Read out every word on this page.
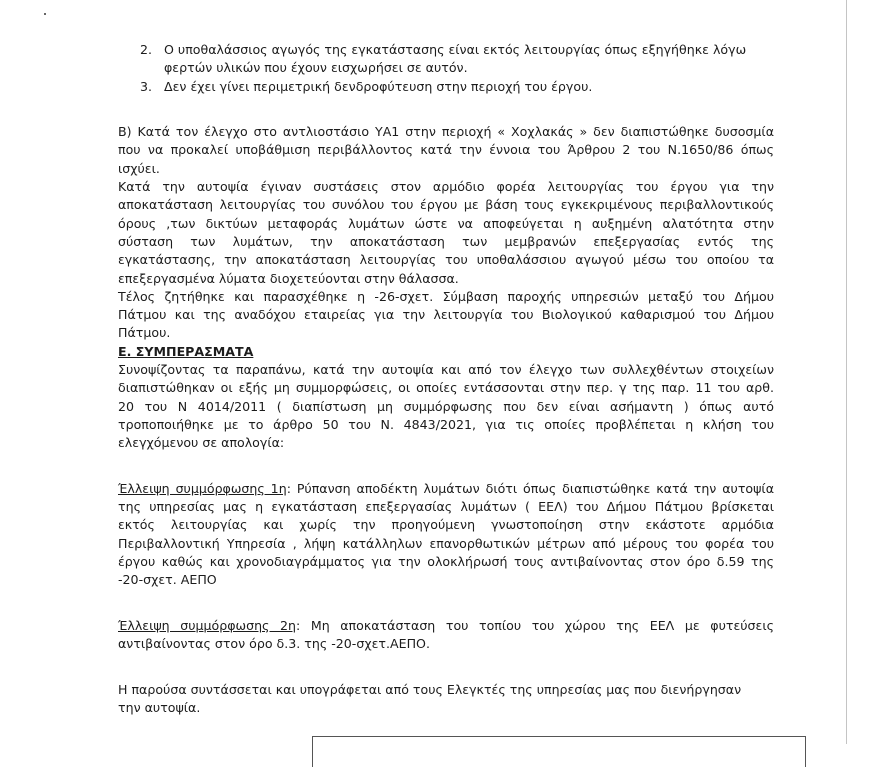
2. Ο υποθαλάσσιος αγωγός της εγκατάστασης είναι εκτός λειτουργίας όπως εξηγήθηκε λόγω
φερτών υλικών που έχουν εισχωρήσει σε αυτόν.
3. Δεν έχει γίνει περιμετρική δενδροφύτευση στην περιοχή του έργου.
Β) Κατά τον έλεγχο στο αντλιοστάσιο ΥΑ1 στην περιοχή « Χοχλακάς » δεν διαπιστώθηκε δυσοσμία
που να προκαλεί υποβάθμιση περιβάλλοντος κατά την έννοια του Άρθρου 2 του Ν.1650/86 όπως
ισχύει.
Κατά την αυτοψία έγιναν συστάσεις στον αρμόδιο φορέα λειτουργίας του έργου για την
αποκατάσταση λειτουργίας του συνόλου του έργου με βάση τους εγκεκριμένους περιβαλλοντικούς
όρους ,των δικτύων μεταφοράς λυμάτων ώστε να αποφεύγεται η αυξημένη αλατότητα στην
σύσταση των λυμάτων, την αποκατάσταση των μεμβρανών επεξεργασίας εντός της
εγκατάστασης, την αποκατάσταση λειτουργίας του υποθαλάσσιου αγωγού μέσω του οποίου τα
επεξεργασμένα λύματα διοχετεύονται στην θάλασσα.
Τέλος ζητήθηκε και παρασχέθηκε η -26-σχετ. Σύμβαση παροχής υπηρεσιών μεταξύ του Δήμου
Πάτμου και της αναδόχου εταιρείας για την λειτουργία του Βιολογικού καθαρισμού του Δήμου
Πάτμου.
Ε. ΣΥΜΠΕΡΑΣΜΑΤΑ
Συνοψίζοντας τα παραπάνω, κατά την αυτοψία και από τον έλεγχο των συλλεχθέντων στοιχείων
διαπιστώθηκαν οι εξής μη συμμορφώσεις, οι οποίες εντάσσονται στην περ. γ της παρ. 11 του αρθ.
20 του Ν 4014/2011 ( διαπίστωση μη συμμόρφωσης που δεν είναι ασήμαντη ) όπως αυτό
τροποποιήθηκε με το άρθρο 50 του Ν. 4843/2021, για τις οποίες προβλέπεται η κλήση του
ελεγχόμενου σε απολογία:
Έλλειψη συμμόρφωσης 1η: Ρύπανση αποδέκτη λυμάτων διότι όπως διαπιστώθηκε κατά την αυτοψία
της υπηρεσίας μας η εγκατάσταση επεξεργασίας λυμάτων ( ΕΕΛ) του Δήμου Πάτμου βρίσκεται
εκτός λειτουργίας και χωρίς την προηγούμενη γνωστοποίηση στην εκάστοτε αρμόδια
Περιβαλλοντική Υπηρεσία , λήψη κατάλληλων επανορθωτικών μέτρων από μέρους του φορέα του
έργου καθώς και χρονοδιαγράμματος για την ολοκλήρωσή τους αντιβαίνοντας στον όρο δ.59 της
-20-σχετ. ΑΕΠΟ
Έλλειψη συμμόρφωσης 2η: Μη αποκατάσταση του τοπίου του χώρου της ΕΕΛ με φυτεύσεις
αντιβαίνοντας στον όρο δ.3. της -20-σχετ.ΑΕΠΟ.
Η παρούσα συντάσσεται και υπογράφεται από τους Ελεγκτές της υπηρεσίας μας που διενήργησαν
την αυτοψία.
